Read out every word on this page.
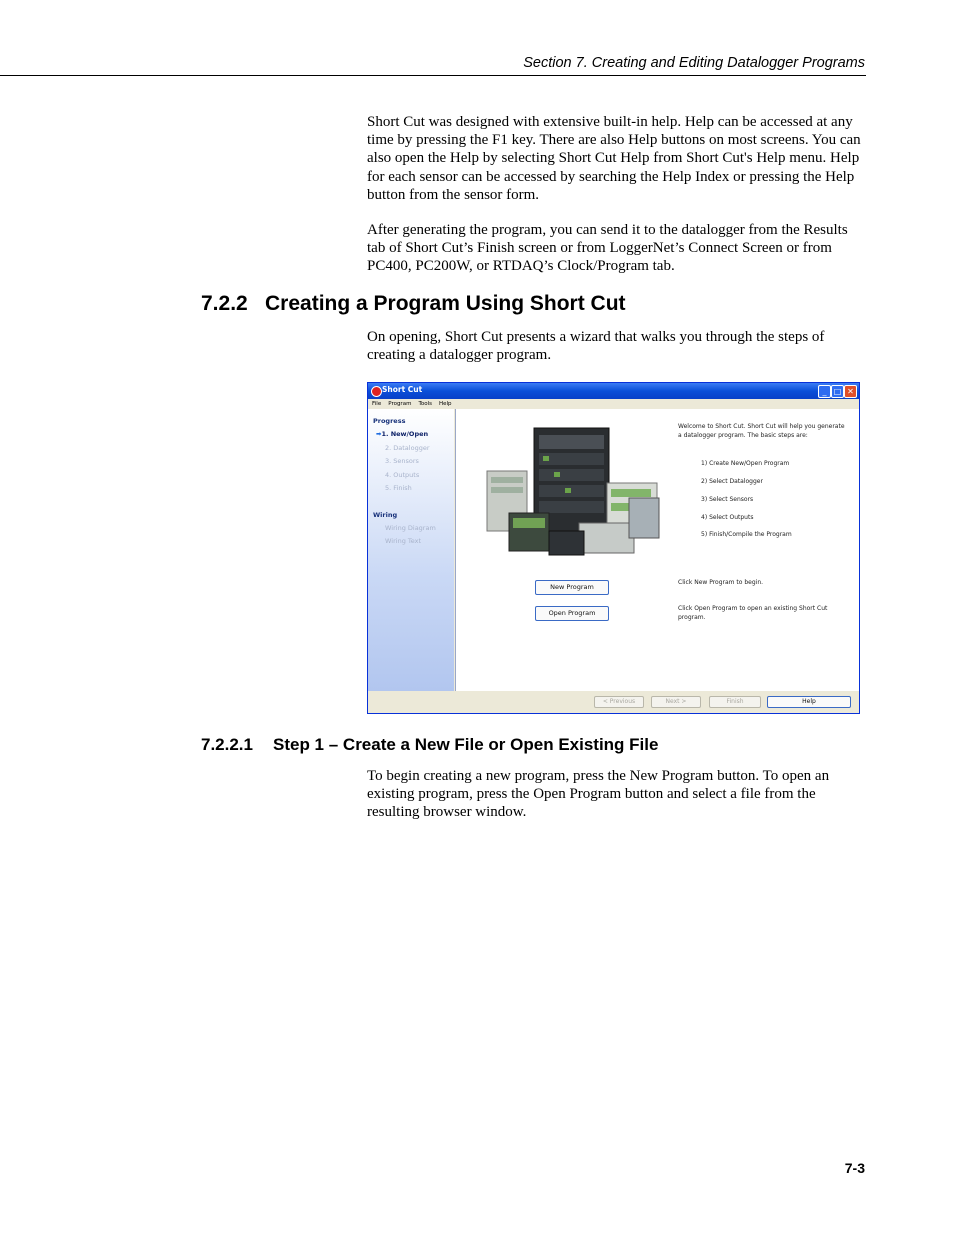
Section 7. Creating and Editing Datalogger Programs

Short Cut was designed with extensive built-in help. Help can be accessed at any time by pressing the F1 key. There are also Help buttons on most screens. You can also open the Help by selecting Short Cut Help from Short Cut's Help menu. Help for each sensor can be accessed by searching the Help Index or pressing the Help button from the sensor form.

After generating the program, you can send it to the datalogger from the Results tab of Short Cut’s Finish screen or from LoggerNet’s Connect Screen or from PC400, PC200W, or RTDAQ’s Clock/Program tab.

7.2.2 Creating a Program Using Short Cut

On opening, Short Cut presents a wizard that walks you through the steps of creating a datalogger program.

Short Cut	_ □ ✕
File Program Tools Help
Progress
➡1. New/Open
2. Datalogger
3. Sensors
4. Outputs
5. Finish
Wiring
Wiring Diagram
Wiring Text
Welcome to Short Cut. Short Cut will help you generate a datalogger program. The basic steps are:
1) Create New/Open Program
2) Select Datalogger
3) Select Sensors
4) Select Outputs
5) Finish/Compile the Program
New Program
Open Program
Click New Program to begin.
Click Open Program to open an existing Short Cut program.
< Previous	Next >	Finish	Help
7.2.2.1 Step 1 – Create a New File or Open Existing File

To begin creating a new program, press the New Program button. To open an existing program, press the Open Program button and select a file from the resulting browser window.

7-3
